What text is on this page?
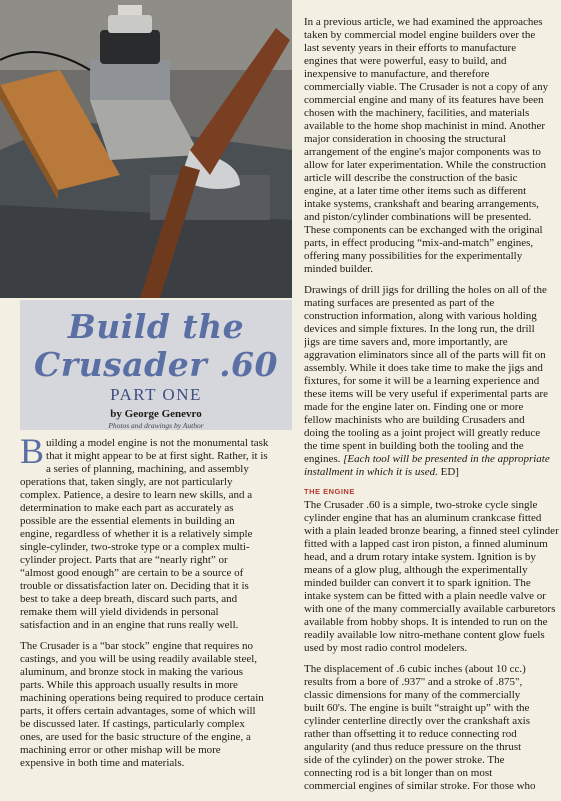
Build the
Crusader .60
PART ONE
by George Genevro
Photos and drawings by Author

B uilding a model engine is not the monumental task
that it might appear to be at first sight. Rather, it is
a series of planning, machining, and assembly
operations that, taken singly, are not particularly
complex. Patience, a desire to learn new skills, and a
determination to make each part as accurately as
possible are the essential elements in building an
engine, regardless of whether it is a relatively simple
single-cylinder, two-stroke type or a complex multi-
cylinder project. Parts that are “nearly right” or
“almost good enough” are certain to be a source of
trouble or dissatisfaction later on. Deciding that it is
best to take a deep breath, discard such parts, and
remake them will yield dividends in personal
satisfaction and in an engine that runs really well.

The Crusader is a “bar stock” engine that requires no
castings, and you will be using readily available steel,
aluminum, and bronze stock in making the various
parts. While this approach usually results in more
machining operations being required to produce certain
parts, it offers certain advantages, some of which will
be discussed later. If castings, particularly complex
ones, are used for the basic structure of the engine, a
machining error or other mishap will be more
expensive in both time and materials.

In a previous article, we had examined the approaches
taken by commercial model engine builders over the
last seventy years in their efforts to manufacture
engines that were powerful, easy to build, and
inexpensive to manufacture, and therefore
commercially viable. The Crusader is not a copy of any
commercial engine and many of its features have been
chosen with the machinery, facilities, and materials
available to the home shop machinist in mind. Another
major consideration in choosing the structural
arrangement of the engine's major components was to
allow for later experimentation. While the construction
article will describe the construction of the basic
engine, at a later time other items such as different
intake systems, crankshaft and bearing arrangements,
and piston/cylinder combinations will be presented.
These components can be exchanged with the original
parts, in effect producing “mix-and-match” engines,
offering many possibilities for the experimentally
minded builder.

Drawings of drill jigs for drilling the holes on all of the
mating surfaces are presented as part of the
construction information, along with various holding
devices and simple fixtures. In the long run, the drill
jigs are time savers and, more importantly, are
aggravation eliminators since all of the parts will fit on
assembly. While it does take time to make the jigs and
fixtures, for some it will be a learning experience and
these items will be very useful if experimental parts are
made for the engine later on. Finding one or more
fellow machinists who are building Crusaders and
doing the tooling as a joint project will greatly reduce
the time spent in building both the tooling and the
engines. [Each tool will be presented in the appropriate
installment in which it is used. ED]

THE ENGINE

The Crusader .60 is a simple, two-stroke cycle single
cylinder engine that has an aluminum crankcase fitted
with a plain leaded bronze bearing, a finned steel cylinder
fitted with a lapped cast iron piston, a finned aluminum
head, and a drum rotary intake system. Ignition is by
means of a glow plug, although the experimentally
minded builder can convert it to spark ignition. The
intake system can be fitted with a plain needle valve or
with one of the many commercially available carburetors
available from hobby shops. It is intended to run on the
readily available low nitro-methane content glow fuels
used by most radio control modelers.

The displacement of .6 cubic inches (about 10 cc.)
results from a bore of .937" and a stroke of .875",
classic dimensions for many of the commercially
built 60's. The engine is built “straight up” with the
cylinder centerline directly over the crankshaft axis
rather than offsetting it to reduce connecting rod
angularity (and thus reduce pressure on the thrust
side of the cylinder) on the power stroke. The
connecting rod is a bit longer than on most
commercial engines of similar stroke. For those who
